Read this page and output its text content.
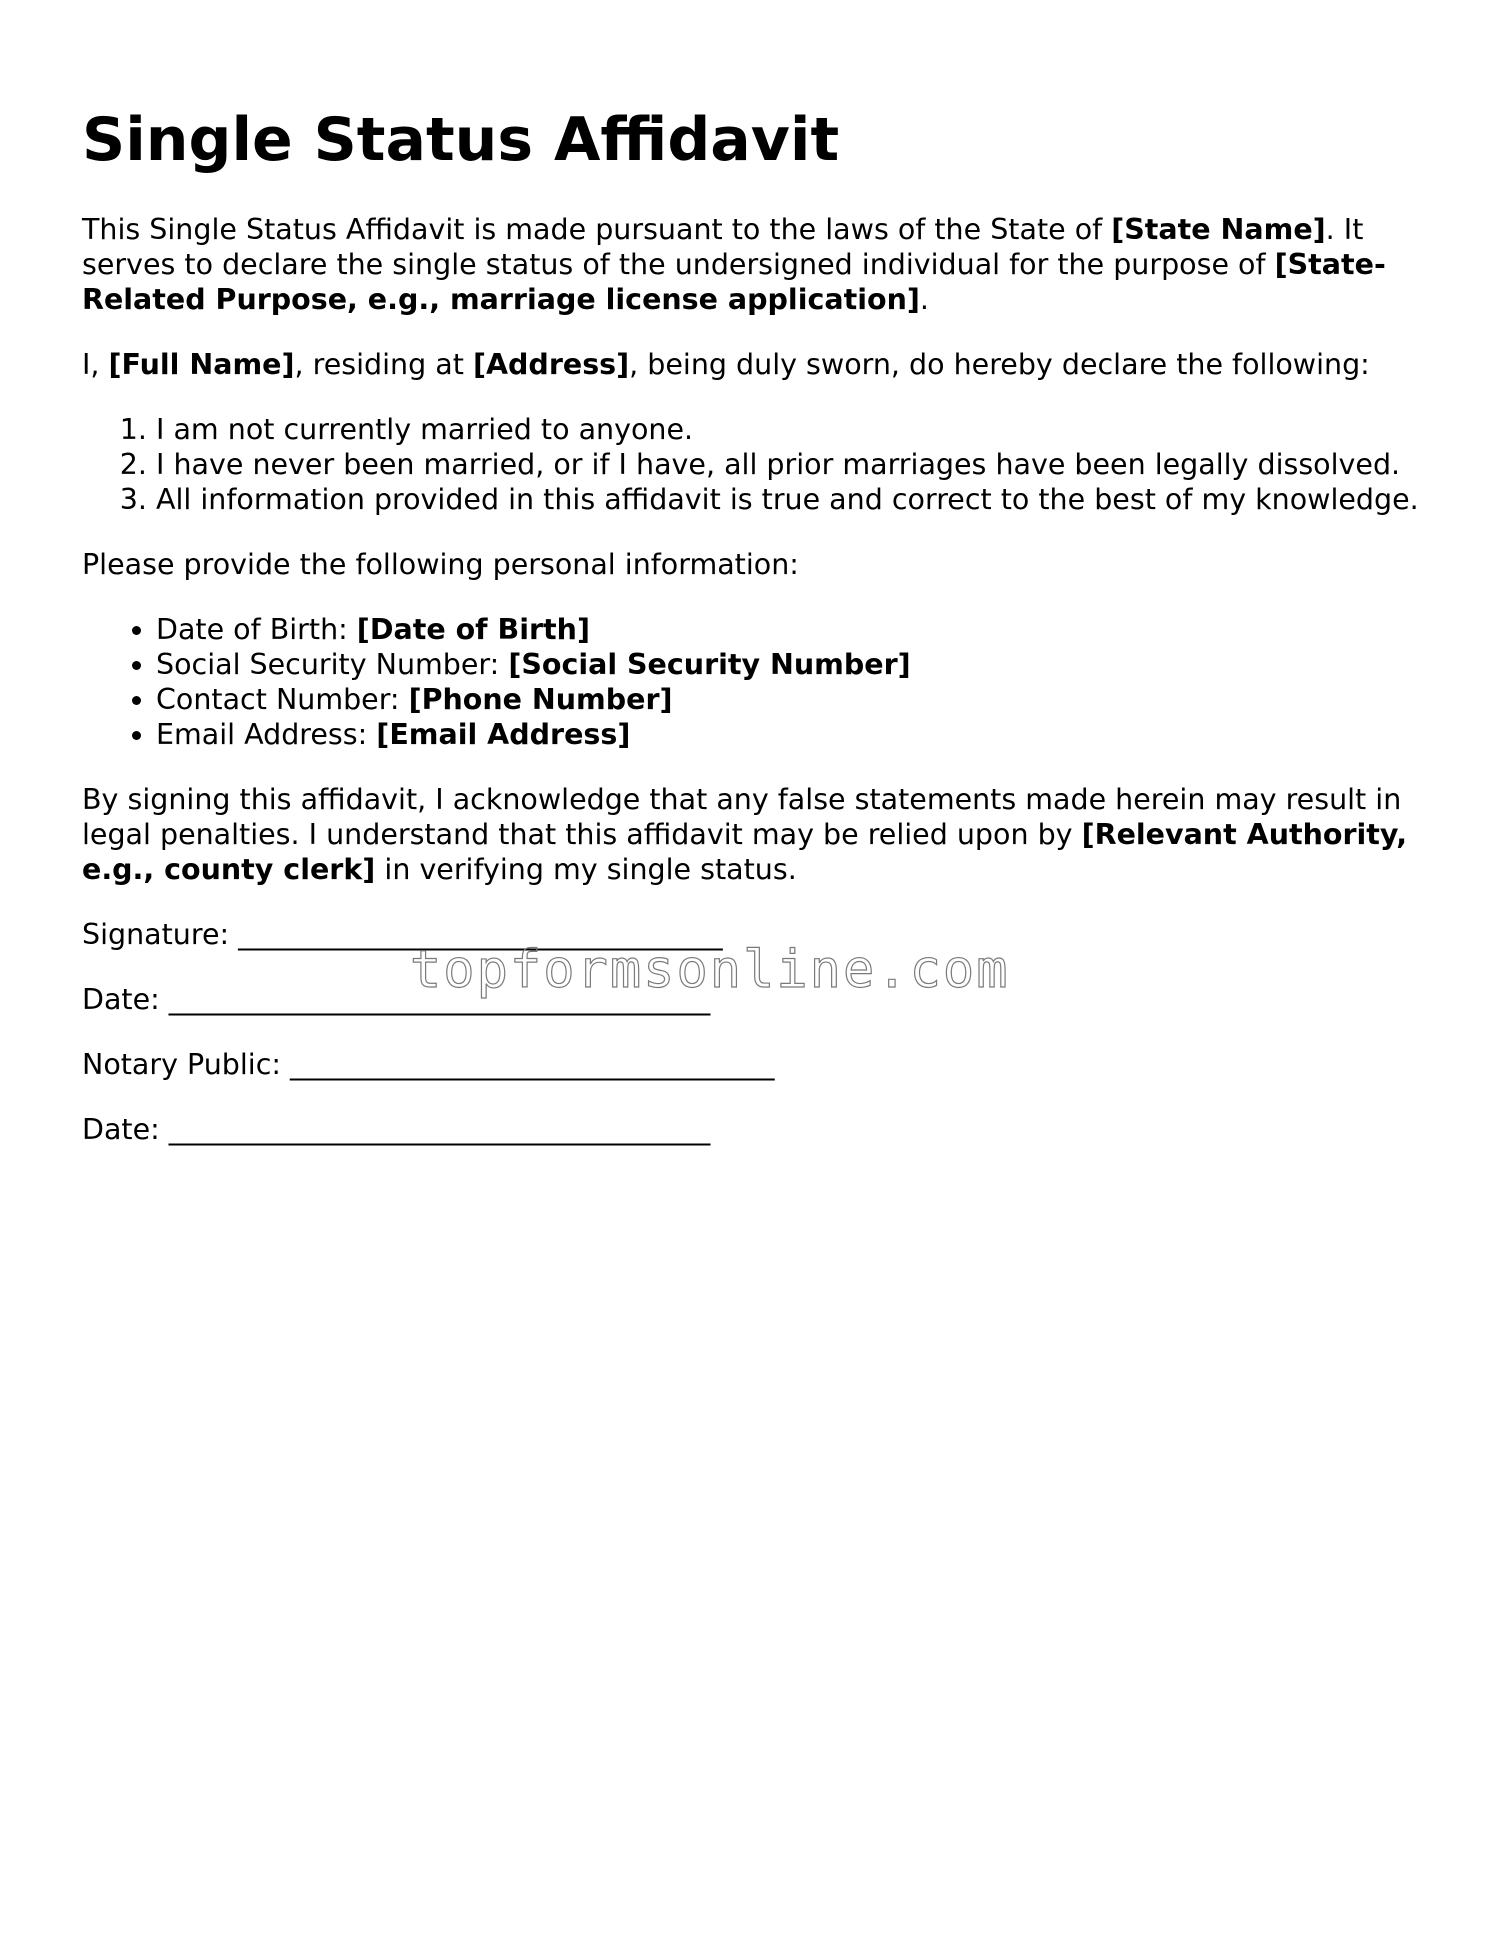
Single Status Affidavit

This Single Status Affidavit is made pursuant to the laws of the State of [State Name]. It serves to declare the single status of the undersigned individual for the purpose of [State-Related Purpose, e.g., marriage license application].

I, [Full Name], residing at [Address], being duly sworn, do hereby declare the following:

1. I am not currently married to anyone.
2. I have never been married, or if I have, all prior marriages have been legally dissolved.
3. All information provided in this affidavit is true and correct to the best of my knowledge.

Please provide the following personal information:

• Date of Birth: [Date of Birth]
• Social Security Number: [Social Security Number]
• Contact Number: [Phone Number]
• Email Address: [Email Address]

By signing this affidavit, I acknowledge that any false statements made herein may result in legal penalties. I understand that this affidavit may be relied upon by [Relevant Authority, e.g., county clerk] in verifying my single status.

Signature: __________________________________
Date: ______________________________________
Notary Public: __________________________________
Date: ______________________________________
topformsonline.com
